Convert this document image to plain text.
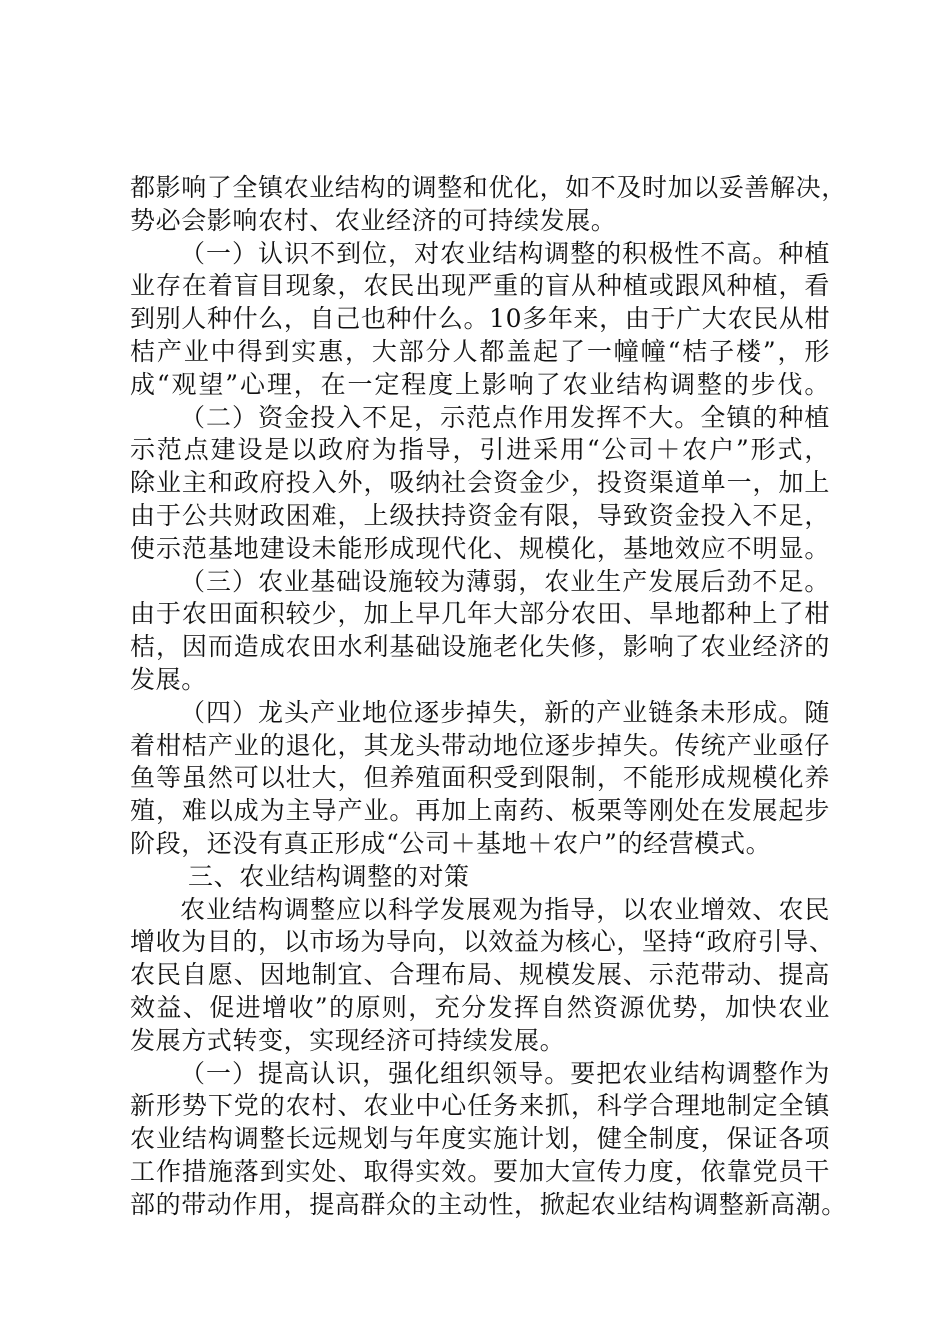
都影响了全镇农业结构的调整和优化，如不及时加以妥善解决，
势必会影响农村、农业经济的可持续发展。
（一）认识不到位，对农业结构调整的积极性不高。种植
业存在着盲目现象，农民出现严重的盲从种植或跟风种植，看
到别人种什么，自己也种什么。10多年来，由于广大农民从柑
桔产业中得到实惠，大部分人都盖起了一幢幢“桔子楼”，形
成“观望”心理，在一定程度上影响了农业结构调整的步伐。
（二）资金投入不足，示范点作用发挥不大。全镇的种植
示范点建设是以政府为指导，引进采用“公司＋农户”形式，
除业主和政府投入外，吸纳社会资金少，投资渠道单一，加上
由于公共财政困难，上级扶持资金有限，导致资金投入不足，
使示范基地建设未能形成现代化、规模化，基地效应不明显。
（三）农业基础设施较为薄弱，农业生产发展后劲不足。
由于农田面积较少，加上早几年大部分农田、旱地都种上了柑
桔，因而造成农田水利基础设施老化失修，影响了农业经济的
发展。
（四）龙头产业地位逐步掉失，新的产业链条未形成。随
着柑桔产业的退化，其龙头带动地位逐步掉失。传统产业亟仔
鱼等虽然可以壮大，但养殖面积受到限制，不能形成规模化养
殖，难以成为主导产业。再加上南药、板栗等刚处在发展起步
阶段，还没有真正形成“公司＋基地＋农户”的经营模式。
三、农业结构调整的对策
农业结构调整应以科学发展观为指导，以农业增效、农民
增收为目的，以市场为导向，以效益为核心，坚持“政府引导、
农民自愿、因地制宜、合理布局、规模发展、示范带动、提高
效益、促进增收”的原则，充分发挥自然资源优势，加快农业
发展方式转变，实现经济可持续发展。
（一）提高认识，强化组织领导。要把农业结构调整作为
新形势下党的农村、农业中心任务来抓，科学合理地制定全镇
农业结构调整长远规划与年度实施计划，健全制度，保证各项
工作措施落到实处、取得实效。要加大宣传力度，依靠党员干
部的带动作用，提高群众的主动性，掀起农业结构调整新高潮。
